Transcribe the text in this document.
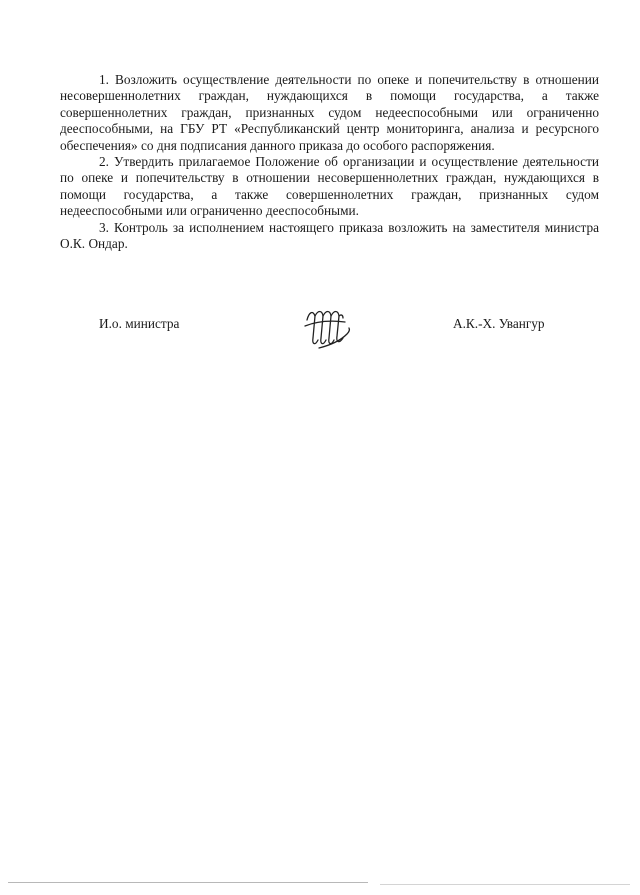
1. Возложить осуществление деятельности по опеке и попечительству в отношении несовершеннолетних граждан, нуждающихся в помощи государства, а также совершеннолетних граждан, признанных судом недееспособными или ограниченно дееспособными, на ГБУ РТ «Республиканский центр мониторинга, анализа и ресурсного обеспечения» со дня подписания данного приказа до особого распоряжения.

2. Утвердить прилагаемое Положение об организации и осуществление деятельности по опеке и попечительству в отношении несовершеннолетних граждан, нуждающихся в помощи государства, а также совершеннолетних граждан, признанных судом недееспособными или ограниченно дееспособными.

3. Контроль за исполнением настоящего приказа возложить на заместителя министра О.К. Ондар.

И.о. министра	А.К.-Х. Увангур
